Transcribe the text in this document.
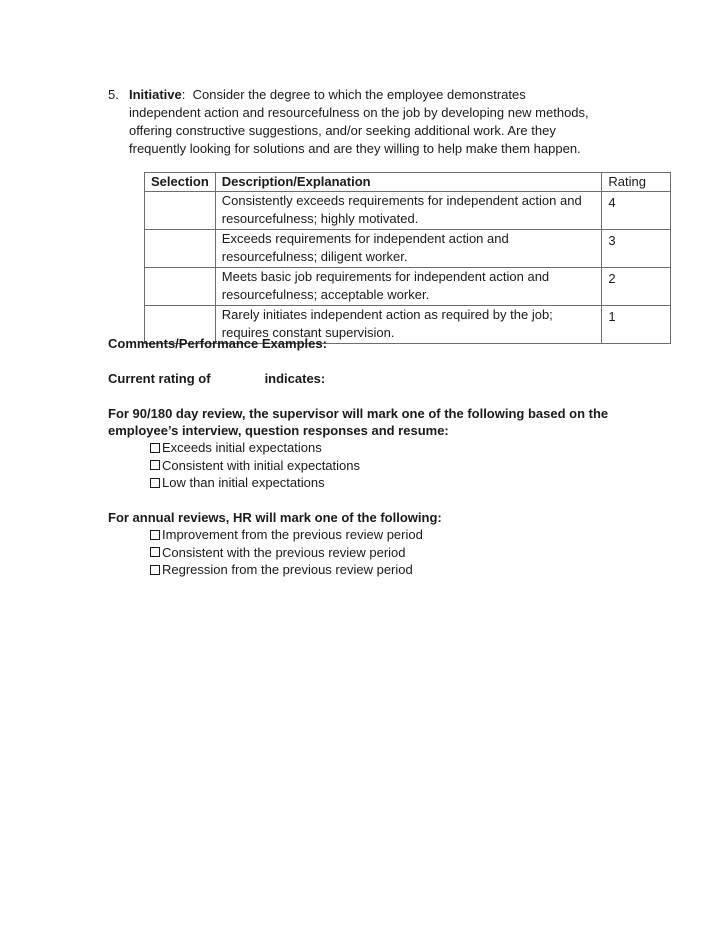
5. Initiative:  Consider the degree to which the employee demonstrates
independent action and resourcefulness on the job by developing new methods,
offering constructive suggestions, and/or seeking additional work. Are they
frequently looking for solutions and are they willing to help make them happen.
Selection	Description/Explanation	Rating

	Consistently exceeds requirements for independent action and
resourcefulness; highly motivated.	4

	Exceeds requirements for independent action and
resourcefulness; diligent worker.	3

	Meets basic job requirements for independent action and
resourcefulness; acceptable worker.	2

	Rarely initiates independent action as required by the job;
requires constant supervision.	1
Comments/Performance Examples:
Current rating of	indicates:
For 90/180 day review, the supervisor will mark one of the following based on the
employee’s interview, question responses and resume:
Exceeds initial expectations
Consistent with initial expectations
Low than initial expectations
For annual reviews, HR will mark one of the following:
Improvement from the previous review period
Consistent with the previous review period
Regression from the previous review period
